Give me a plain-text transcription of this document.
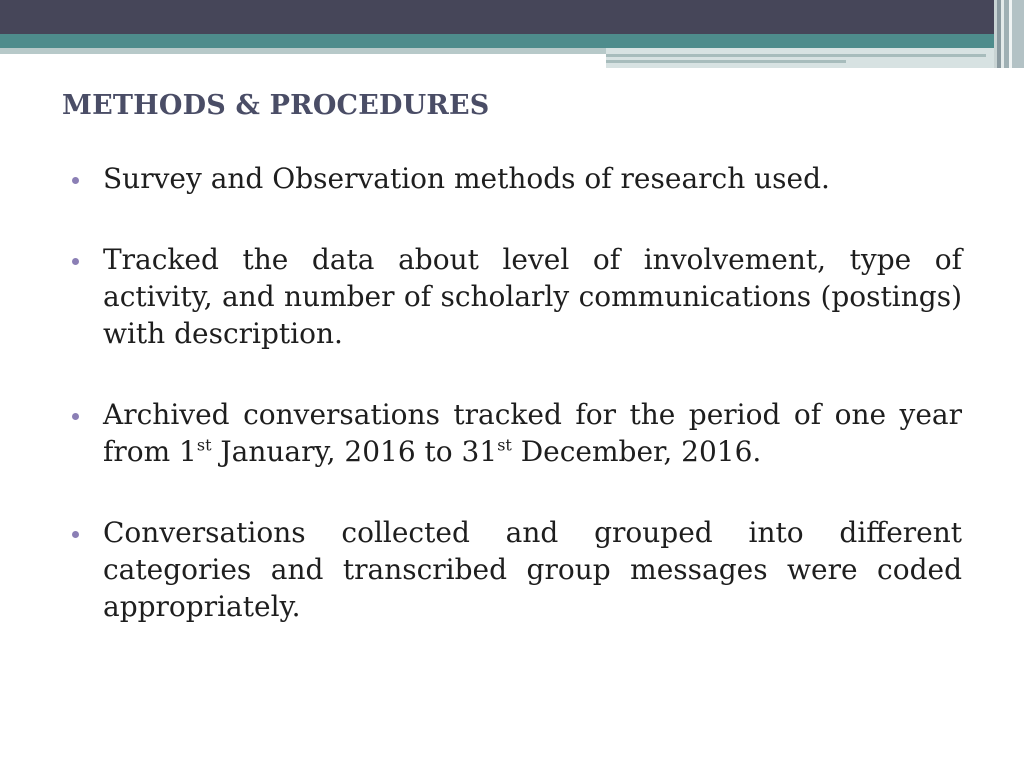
METHODS & PROCEDURES
Survey and Observation methods of research used.
Tracked the data about level of involvement, type of activity, and number of scholarly communications (postings) with description.
Archived conversations tracked for the period of one year from 1st January, 2016 to 31st December, 2016.
Conversations collected and grouped into different categories and transcribed group messages were coded appropriately.
